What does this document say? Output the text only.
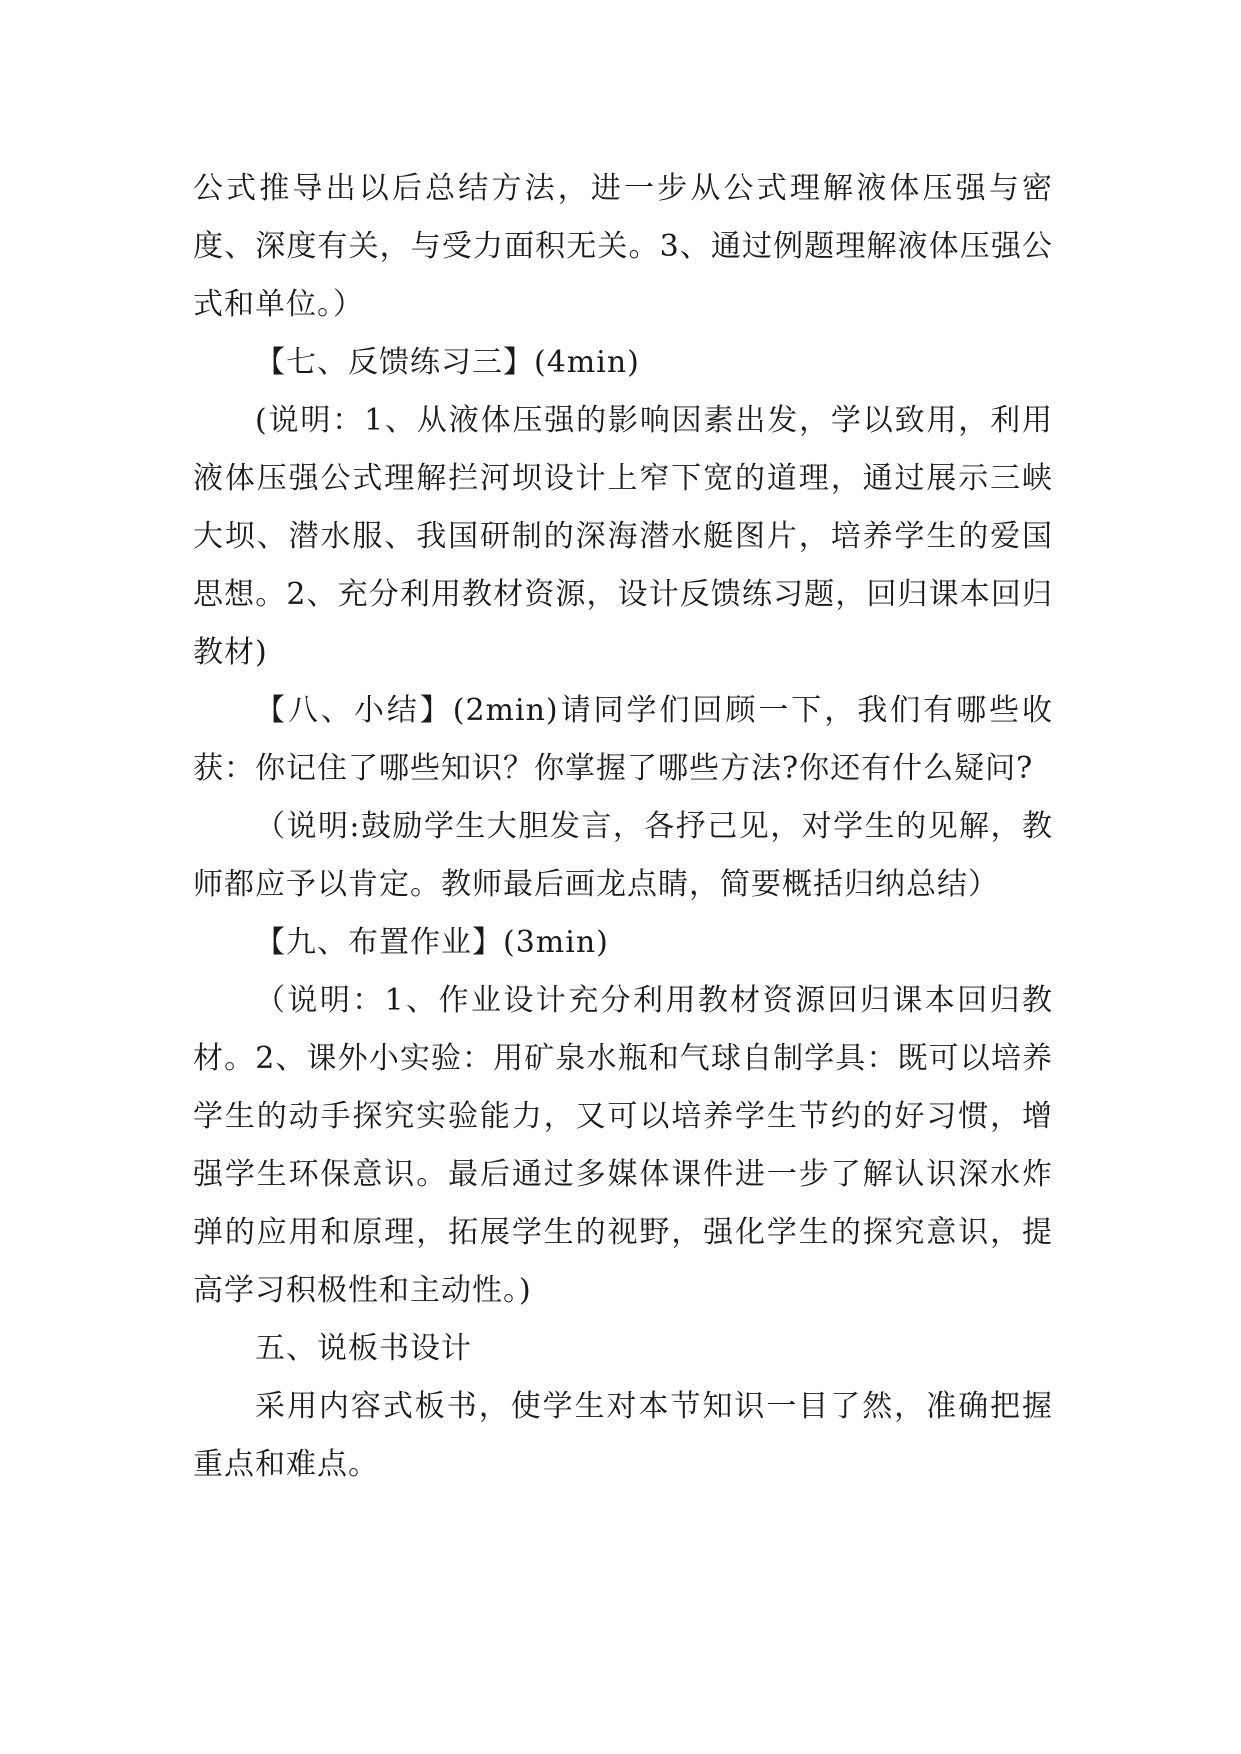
公式推导出以后总结方法，进一步从公式理解液体压强与密度、深度有关，与受力面积无关。3、通过例题理解液体压强公式和单位。）

【七、反馈练习三】(4min)

(说明：1、从液体压强的影响因素出发，学以致用，利用液体压强公式理解拦河坝设计上窄下宽的道理，通过展示三峡大坝、潜水服、我国研制的深海潜水艇图片，培养学生的爱国思想。2、充分利用教材资源，设计反馈练习题，回归课本回归教材)

【八、小结】(2min)请同学们回顾一下，我们有哪些收获：你记住了哪些知识？你掌握了哪些方法?你还有什么疑问?

（说明:鼓励学生大胆发言，各抒己见，对学生的见解，教师都应予以肯定。教师最后画龙点睛，简要概括归纳总结）

【九、布置作业】(3min)

（说明：1、作业设计充分利用教材资源回归课本回归教材。2、课外小实验：用矿泉水瓶和气球自制学具：既可以培养学生的动手探究实验能力，又可以培养学生节约的好习惯，增强学生环保意识。最后通过多媒体课件进一步了解认识深水炸弹的应用和原理，拓展学生的视野，强化学生的探究意识，提高学习积极性和主动性。)

五、说板书设计

采用内容式板书，使学生对本节知识一目了然，准确把握重点和难点。
